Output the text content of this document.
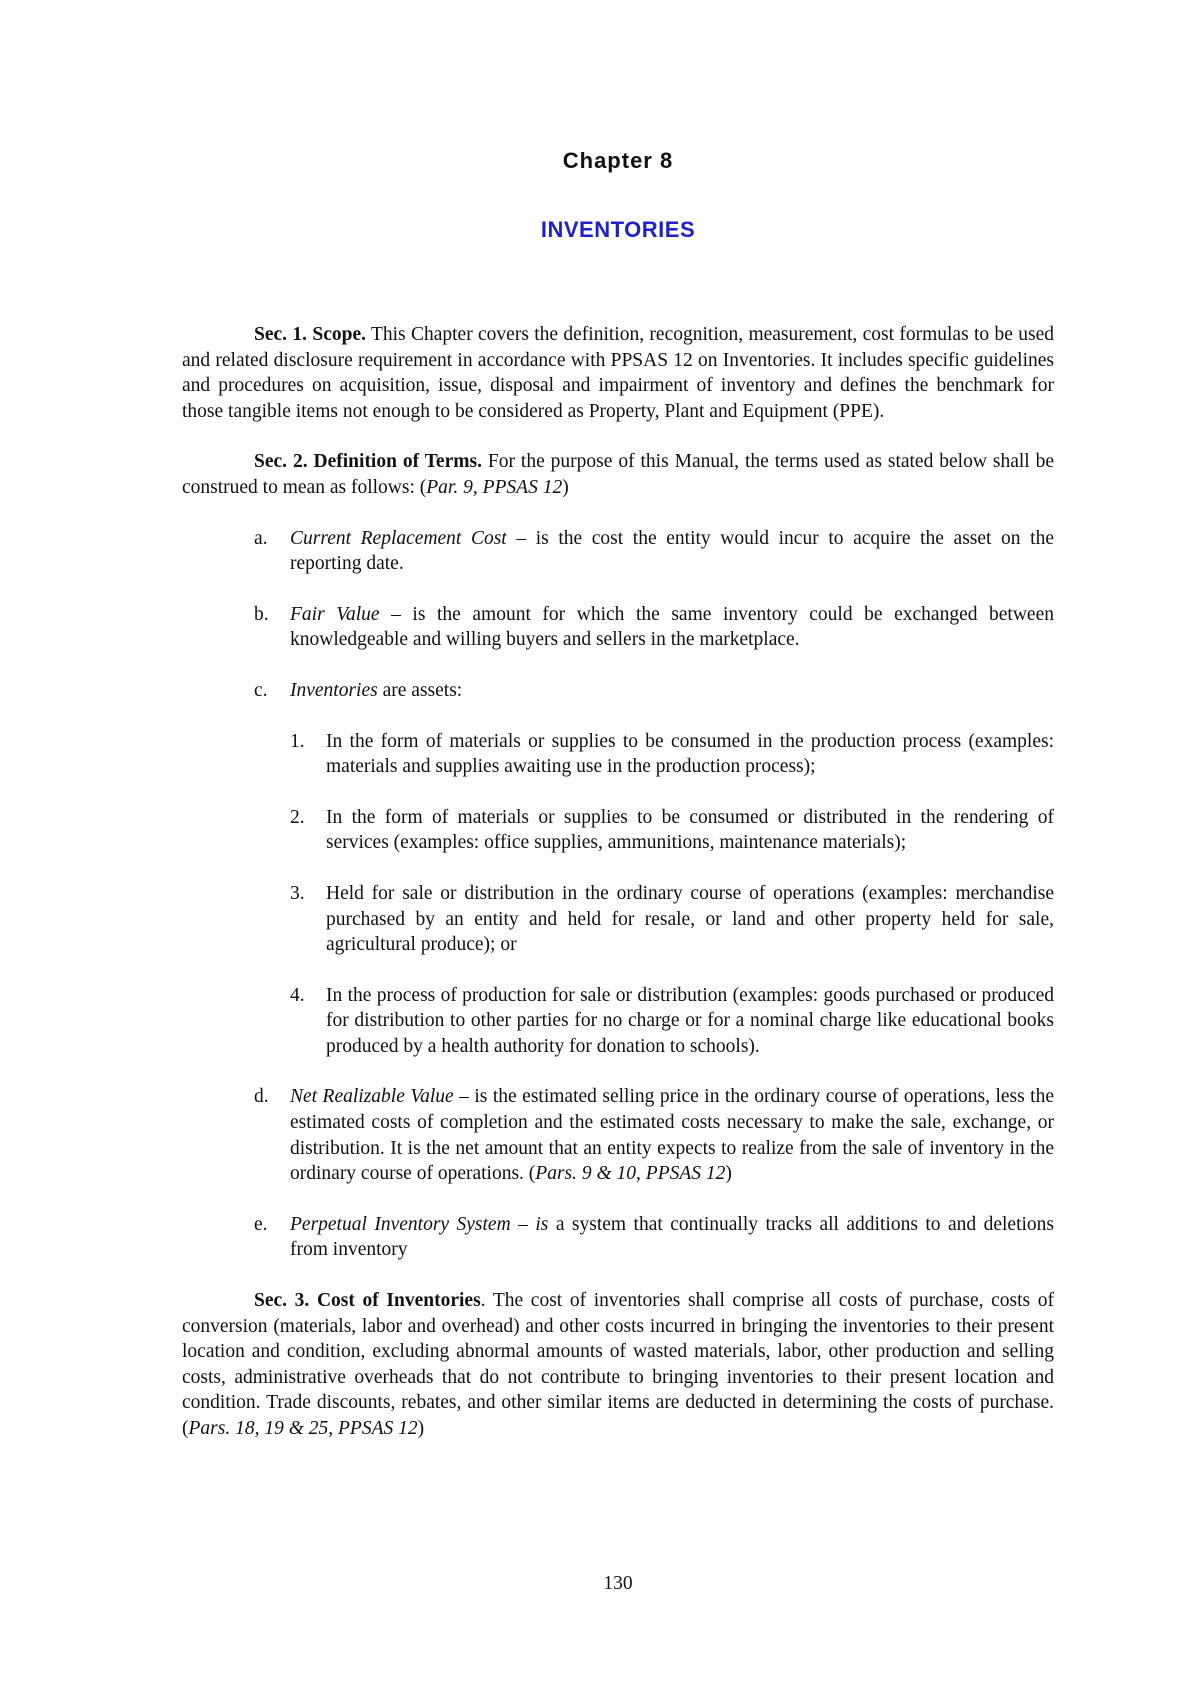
Chapter 8
INVENTORIES

Sec. 1. Scope. This Chapter covers the definition, recognition, measurement, cost formulas to be used and related disclosure requirement in accordance with PPSAS 12 on Inventories. It includes specific guidelines and procedures on acquisition, issue, disposal and impairment of inventory and defines the benchmark for those tangible items not enough to be considered as Property, Plant and Equipment (PPE).

Sec. 2. Definition of Terms. For the purpose of this Manual, the terms used as stated below shall be construed to mean as follows: (Par. 9, PPSAS 12)

a. Current Replacement Cost – is the cost the entity would incur to acquire the asset on the reporting date.
b. Fair Value – is the amount for which the same inventory could be exchanged between knowledgeable and willing buyers and sellers in the marketplace.
c. Inventories are assets:
1. In the form of materials or supplies to be consumed in the production process (examples: materials and supplies awaiting use in the production process);
2. In the form of materials or supplies to be consumed or distributed in the rendering of services (examples: office supplies, ammunitions, maintenance materials);
3. Held for sale or distribution in the ordinary course of operations (examples: merchandise purchased by an entity and held for resale, or land and other property held for sale, agricultural produce); or
4. In the process of production for sale or distribution (examples: goods purchased or produced for distribution to other parties for no charge or for a nominal charge like educational books produced by a health authority for donation to schools).
d. Net Realizable Value – is the estimated selling price in the ordinary course of operations, less the estimated costs of completion and the estimated costs necessary to make the sale, exchange, or distribution. It is the net amount that an entity expects to realize from the sale of inventory in the ordinary course of operations. (Pars. 9 & 10, PPSAS 12)
e. Perpetual Inventory System – is a system that continually tracks all additions to and deletions from inventory

Sec. 3. Cost of Inventories. The cost of inventories shall comprise all costs of purchase, costs of conversion (materials, labor and overhead) and other costs incurred in bringing the inventories to their present location and condition, excluding abnormal amounts of wasted materials, labor, other production and selling costs, administrative overheads that do not contribute to bringing inventories to their present location and condition. Trade discounts, rebates, and other similar items are deducted in determining the costs of purchase. (Pars. 18, 19 & 25, PPSAS 12)

130
